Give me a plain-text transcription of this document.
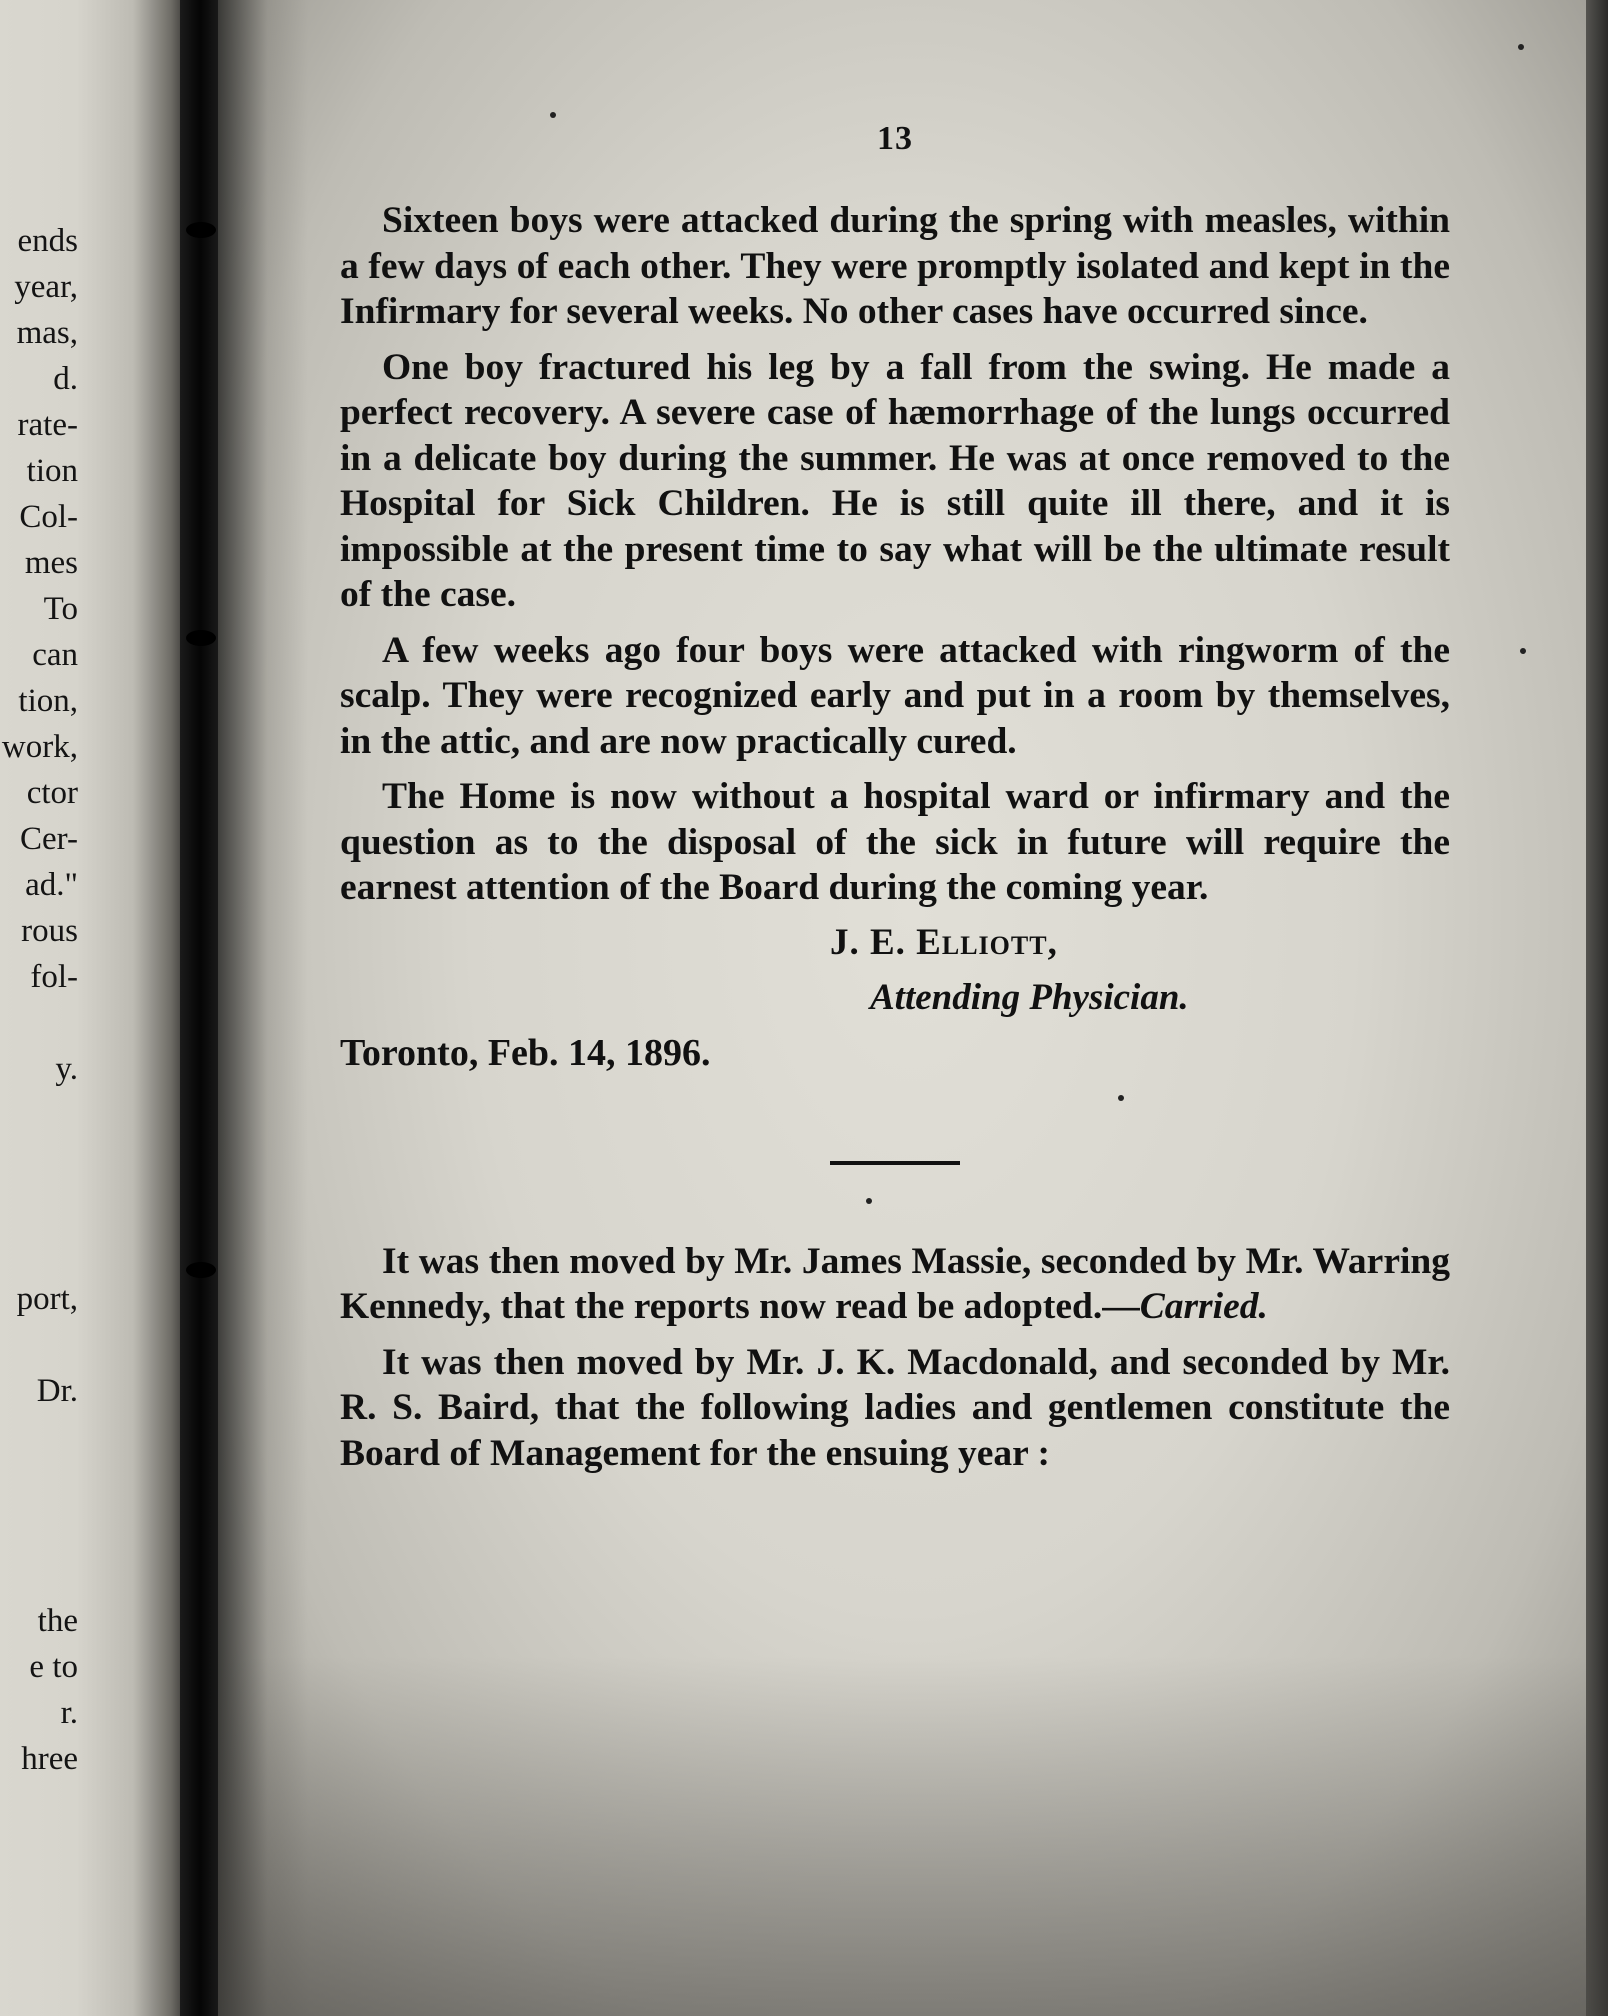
ends
year,
mas,
d.
rate-
tion
Col-
mes
To
can
tion,
work,
ctor
Cer-
ad."
rous
fol-
y.
port,
Dr.
the
e to
r.
hree
13

Sixteen boys were attacked during the spring with measles, within a few days of each other. They were promptly isolated and kept in the Infirmary for several weeks. No other cases have occurred since.

One boy fractured his leg by a fall from the swing. He made a perfect recovery. A severe case of hæmorrhage of the lungs occurred in a delicate boy during the summer. He was at once removed to the Hospital for Sick Children. He is still quite ill there, and it is impossible at the present time to say what will be the ultimate result of the case.

A few weeks ago four boys were attacked with ringworm of the scalp. They were recognized early and put in a room by themselves, in the attic, and are now practically cured.

The Home is now without a hospital ward or infirmary and the question as to the disposal of the sick in future will require the earnest attention of the Board during the coming year.

J. E. Elliott,
Attending Physician.
Toronto, Feb. 14, 1896.

It was then moved by Mr. James Massie, seconded by Mr. Warring Kennedy, that the reports now read be adopted.—Carried.

It was then moved by Mr. J. K. Macdonald, and seconded by Mr. R. S. Baird, that the following ladies and gentlemen constitute the Board of Management for the ensuing year :
